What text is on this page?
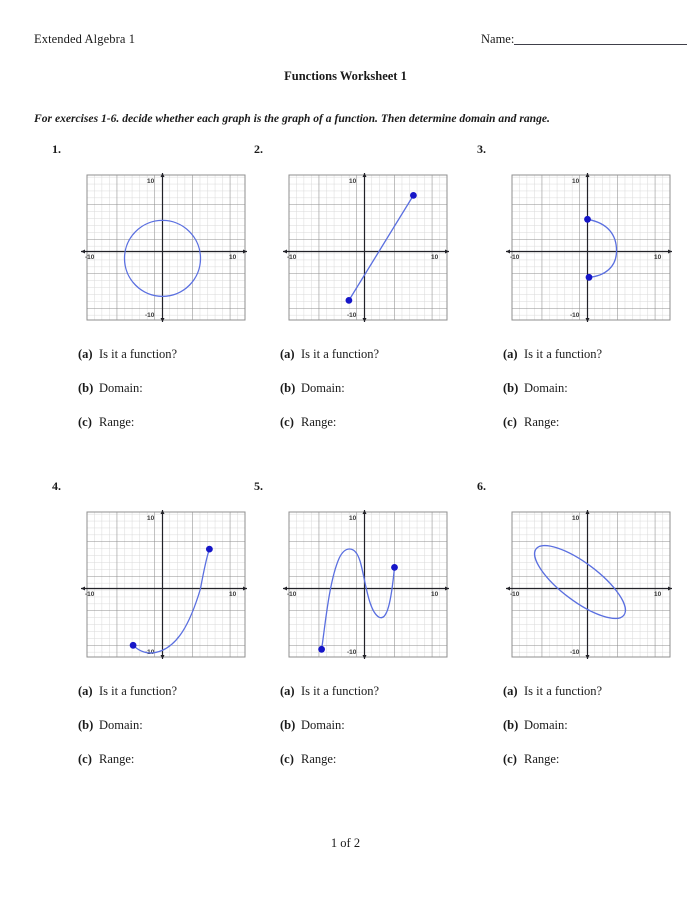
Extended Algebra 1	Name:
Functions Worksheet 1
For exercises 1-6. decide whether each graph is the graph of a function. Then determine domain and range.
1.
-10	10
10
-10
(a) Is it a function?
(b) Domain:
(c) Range:
2.
-10	10
10
-10
(a) Is it a function?
(b) Domain:
(c) Range:
3.
-10	10
10
-10
(a) Is it a function?
(b) Domain:
(c) Range:
4.
-10	10
10
-10
(a) Is it a function?
(b) Domain:
(c) Range:
5.
-10	10
10
-10
(a) Is it a function?
(b) Domain:
(c) Range:
6.
-10	10
10
-10
(a) Is it a function?
(b) Domain:
(c) Range:
1 of 2
